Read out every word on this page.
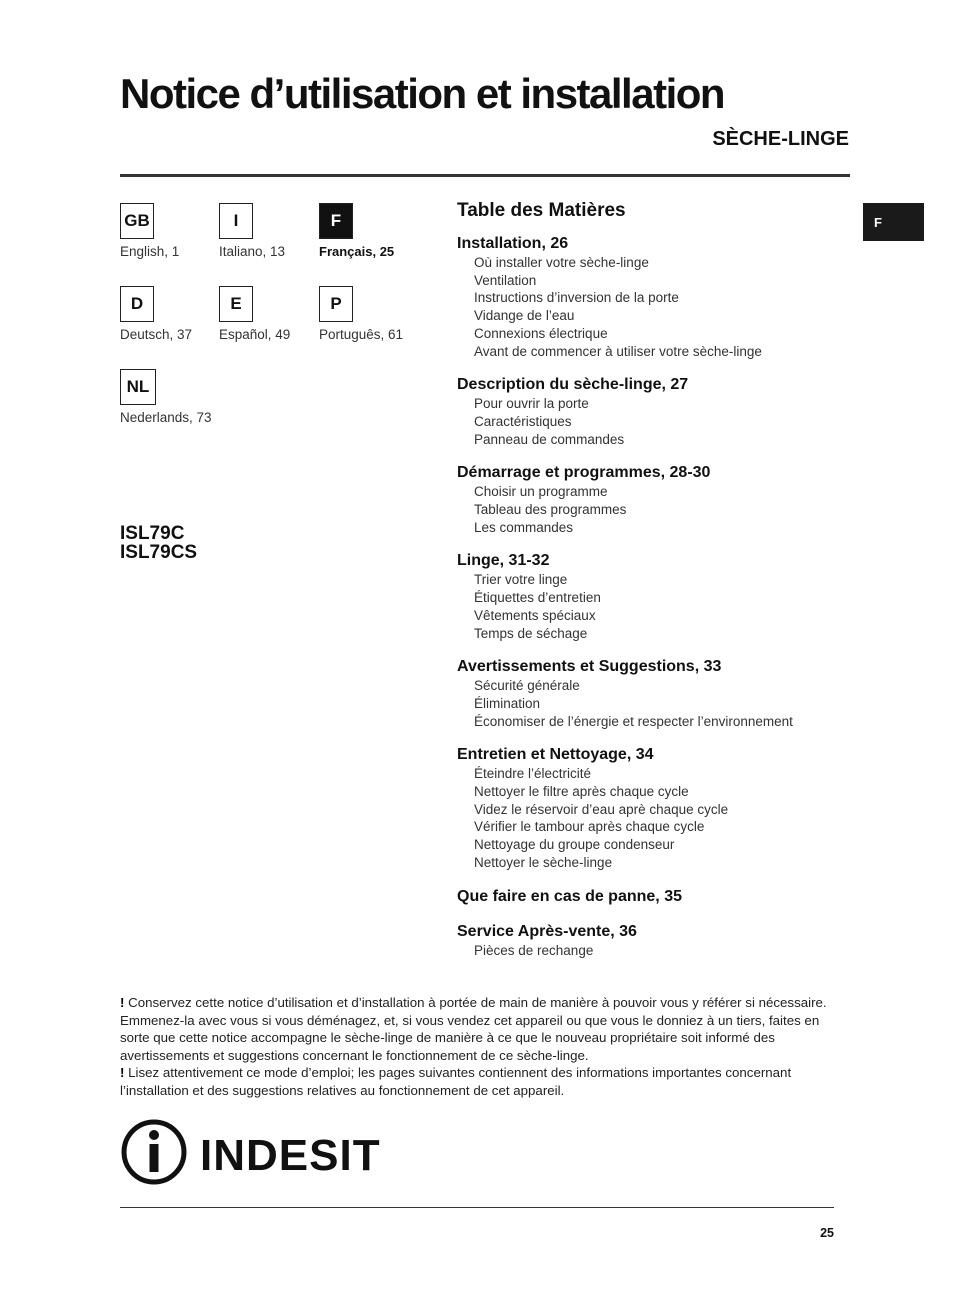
Notice d’utilisation et installation
SÈCHE-LINGE
F
GB
English, 1
I
Italiano, 13
F
Français, 25
D
Deutsch, 37
E
Español, 49
P
Português, 61
NL
Nederlands, 73
ISL79C
ISL79CS
Table des Matières
Installation, 26
Où installer votre sèche-linge
Ventilation
Instructions d’inversion de la porte
Vidange de l’eau
Connexions électrique
Avant de commencer à utiliser votre sèche-linge
Description du sèche-linge, 27
Pour ouvrir la porte
Caractéristiques
Panneau de commandes
Démarrage et programmes, 28-30
Choisir un programme
Tableau des programmes
Les commandes
Linge, 31-32
Trier votre linge
Étiquettes d’entretien
Vêtements spéciaux
Temps de séchage
Avertissements et Suggestions, 33
Sécurité générale
Élimination
Économiser de l’énergie et respecter l’environnement
Entretien et Nettoyage, 34
Éteindre l’électricité
Nettoyer le filtre après chaque cycle
Videz le réservoir d’eau aprè chaque cycle
Vérifier le tambour après chaque cycle
Nettoyage du groupe condenseur
Nettoyer le sèche-linge
Que faire en cas de panne, 35
Service Après-vente, 36
Pièces de rechange

! Conservez cette notice d’utilisation et d’installation à portée de main de manière à pouvoir vous y référer si nécessaire. Emmenez-la avec vous si vous déménagez, et, si vous vendez cet appareil ou que vous le donniez à un tiers, faites en sorte que cette notice accompagne le sèche-linge de manière à ce que le nouveau propriétaire soit informé des avertissements et suggestions concernant le fonctionnement de ce sèche-linge.

! Lisez attentivement ce mode d’emploi; les pages suivantes contiennent des informations importantes concernant l’installation et des suggestions relatives au fonctionnement de cet appareil.

INDESIT
25
